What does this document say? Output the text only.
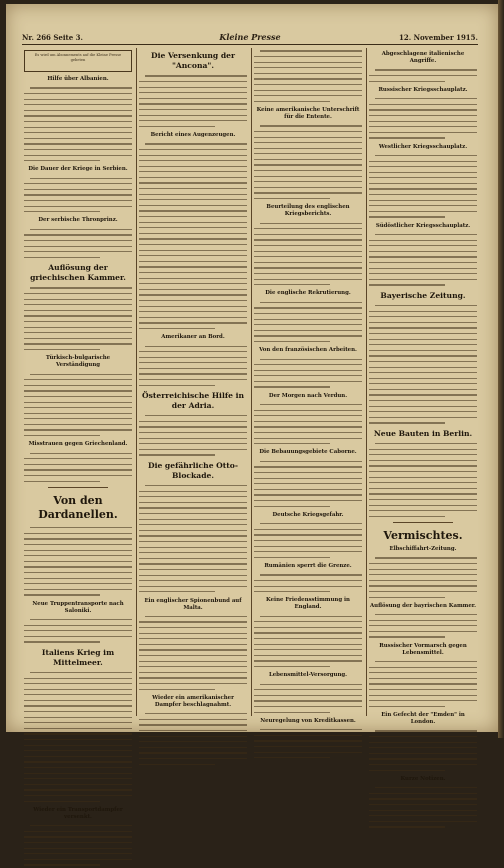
Nr. 266 Seite 3.	Kleine Presse	12. November 1915.
Es wird um Abonnements auf die Kleine Presse gebeten
Hilfe über Albanien.
Die Dauer der Kriege in Serbien.
Der serbische Thronprinz.
Auflösung der griechischen Kammer.
Türkisch-bulgarische Verständigung
Misstrauen gegen Griechenland.
Von den Dardanellen.
Neue Truppentransporte nach Saloniki.
Italiens Krieg im Mittelmeer.
Wieder ein Transportdampfer versenkt.
Die Versenkung der "Ancona".
Bericht eines Augenzeugen.
Amerikaner an Bord.
Österreichische Hilfe in der Adria.
Die gefährliche Otto-Blockade.
Ein englischer Spionenbund auf Malta.
Wieder ein amerikanischer Dampfer beschlagnahmt.
Keine amerikanische Unterschrift für die Entente.
Beurteilung des englischen Kriegsberichts.
Die englische Rekrutierung.
Von den französischen Arbeiten.
Der Morgen nach Verdun.
Die Bebauungsgebiete Caborne.
Deutsche Kriegsgefahr.
Rumänien sperrt die Grenze.
Keine Friedensstimmung in England.
Lebensmittel-Versorgung.
Neuregelung von Kreditkassen.
Abgeschlagene italienische Angriffe.
Russischer Kriegsschauplatz.
Westlicher Kriegsschauplatz.
Südöstlicher Kriegsschauplatz.
Bayerische Zeitung.
Neue Bauten in Berlin.
Vermischtes.
Elbschiffahrt-Zeitung.
Auflösung der bayrischen Kammer.
Russischer Vormarsch gegen Lebensmittel.
Ein Gefecht der "Emden" in London.
Kurze Notizen.
